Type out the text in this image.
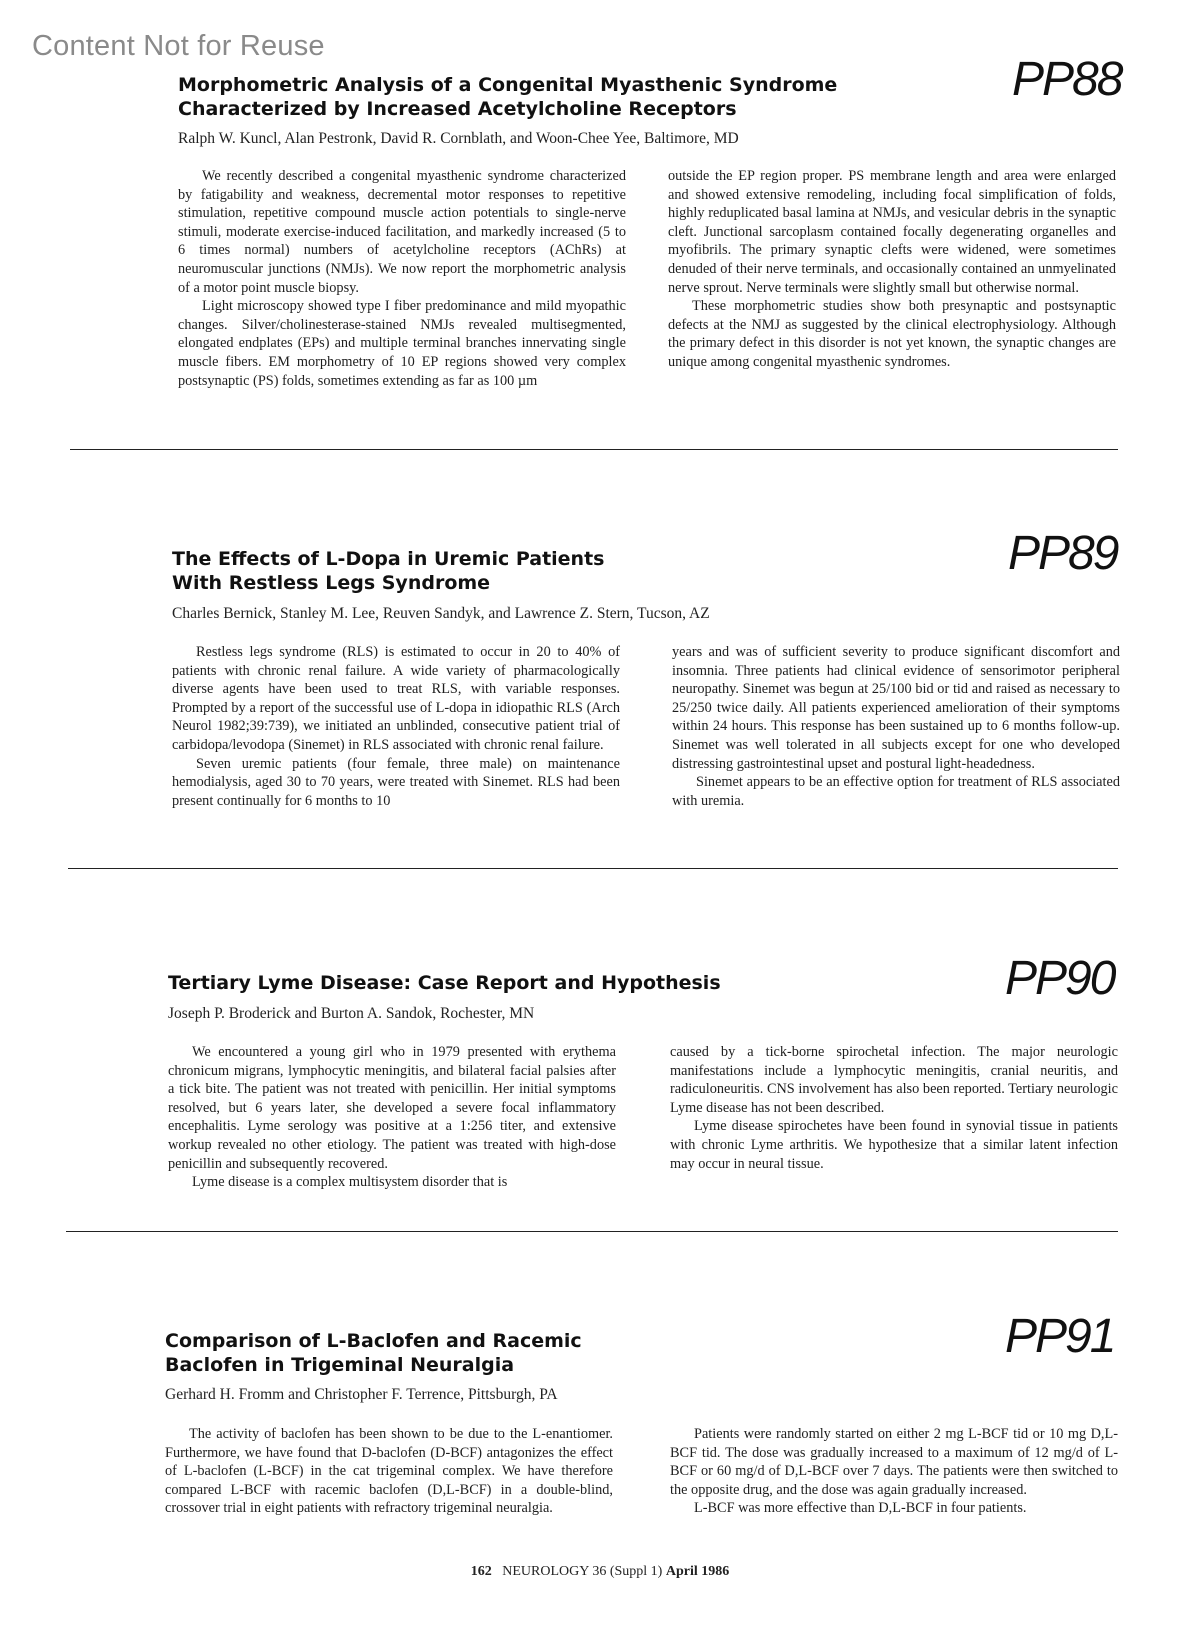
Content Not for Reuse
PP88
Morphometric Analysis of a Congenital Myasthenic Syndrome
Characterized by Increased Acetylcholine Receptors
Ralph W. Kuncl, Alan Pestronk, David R. Cornblath, and Woon-Chee Yee, Baltimore, MD

We recently described a congenital myasthenic syndrome characterized by fatigability and weakness, decremental motor responses to repetitive stimulation, repetitive compound muscle action potentials to single-nerve stimuli, moderate exercise-induced facilitation, and markedly increased (5 to 6 times normal) numbers of acetylcholine receptors (AChRs) at neuromuscular junctions (NMJs). We now report the morphometric analysis of a motor point muscle biopsy.

Light microscopy showed type I fiber predominance and mild myopathic changes. Silver/cholinesterase-stained NMJs revealed multisegmented, elongated endplates (EPs) and multiple terminal branches innervating single muscle fibers. EM morphometry of 10 EP regions showed very complex postsynaptic (PS) folds, sometimes extending as far as 100 µm

outside the EP region proper. PS membrane length and area were enlarged and showed extensive remodeling, including focal simplification of folds, highly reduplicated basal lamina at NMJs, and vesicular debris in the synaptic cleft. Junctional sarcoplasm contained focally degenerating organelles and myofibrils. The primary synaptic clefts were widened, were sometimes denuded of their nerve terminals, and occasionally contained an unmyelinated nerve sprout. Nerve terminals were slightly small but otherwise normal.

These morphometric studies show both presynaptic and postsynaptic defects at the NMJ as suggested by the clinical electrophysiology. Although the primary defect in this disorder is not yet known, the synaptic changes are unique among congenital myasthenic syndromes.

PP89
The Effects of L-Dopa in Uremic Patients
With Restless Legs Syndrome
Charles Bernick, Stanley M. Lee, Reuven Sandyk, and Lawrence Z. Stern, Tucson, AZ

Restless legs syndrome (RLS) is estimated to occur in 20 to 40% of patients with chronic renal failure. A wide variety of pharmacologically diverse agents have been used to treat RLS, with variable responses. Prompted by a report of the successful use of L-dopa in idiopathic RLS (Arch Neurol 1982;39:739), we initiated an unblinded, consecutive patient trial of carbidopa/levodopa (Sinemet) in RLS associated with chronic renal failure.

Seven uremic patients (four female, three male) on maintenance hemodialysis, aged 30 to 70 years, were treated with Sinemet. RLS had been present continually for 6 months to 10

years and was of sufficient severity to produce significant discomfort and insomnia. Three patients had clinical evidence of sensorimotor peripheral neuropathy. Sinemet was begun at 25/100 bid or tid and raised as necessary to 25/250 twice daily. All patients experienced amelioration of their symptoms within 24 hours. This response has been sustained up to 6 months follow-up. Sinemet was well tolerated in all subjects except for one who developed distressing gastrointestinal upset and postural light-headedness.

Sinemet appears to be an effective option for treatment of RLS associated with uremia.

PP90
Tertiary Lyme Disease: Case Report and Hypothesis
Joseph P. Broderick and Burton A. Sandok, Rochester, MN

We encountered a young girl who in 1979 presented with erythema chronicum migrans, lymphocytic meningitis, and bilateral facial palsies after a tick bite. The patient was not treated with penicillin. Her initial symptoms resolved, but 6 years later, she developed a severe focal inflammatory encephalitis. Lyme serology was positive at a 1:256 titer, and extensive workup revealed no other etiology. The patient was treated with high-dose penicillin and subsequently recovered.

Lyme disease is a complex multisystem disorder that is

caused by a tick-borne spirochetal infection. The major neurologic manifestations include a lymphocytic meningitis, cranial neuritis, and radiculoneuritis. CNS involvement has also been reported. Tertiary neurologic Lyme disease has not been described.

Lyme disease spirochetes have been found in synovial tissue in patients with chronic Lyme arthritis. We hypothesize that a similar latent infection may occur in neural tissue.

PP91
Comparison of L-Baclofen and Racemic
Baclofen in Trigeminal Neuralgia
Gerhard H. Fromm and Christopher F. Terrence, Pittsburgh, PA

The activity of baclofen has been shown to be due to the L-enantiomer. Furthermore, we have found that D-baclofen (D-BCF) antagonizes the effect of L-baclofen (L-BCF) in the cat trigeminal complex. We have therefore compared L-BCF with racemic baclofen (D,L-BCF) in a double-blind, crossover trial in eight patients with refractory trigeminal neuralgia.

Patients were randomly started on either 2 mg L-BCF tid or 10 mg D,L-BCF tid. The dose was gradually increased to a maximum of 12 mg/d of L-BCF or 60 mg/d of D,L-BCF over 7 days. The patients were then switched to the opposite drug, and the dose was again gradually increased.

L-BCF was more effective than D,L-BCF in four patients.

162 NEUROLOGY 36 (Suppl 1) April 1986
